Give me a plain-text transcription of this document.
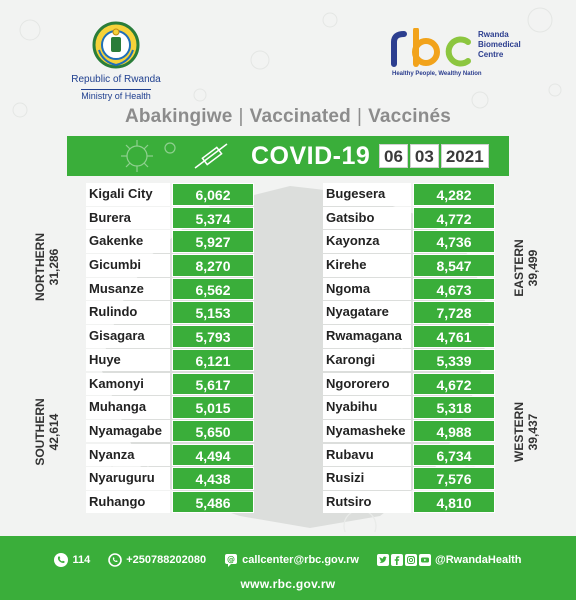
Republic of Rwanda
Ministry of Health
Rwanda
Biomedical
Centre
Healthy People, Wealthy Nation
Abakingiwe | Vaccinated | Vaccinés
COVID-19 06 03 2021
NORTHERN 31,286
SOUTHERN 42,614
EASTERN 39,499
WESTERN 39,437
Kigali City	6,062
Burera	5,374
Gakenke	5,927
Gicumbi	8,270
Musanze	6,562
Rulindo	5,153
Gisagara	5,793
Huye	6,121
Kamonyi	5,617
Muhanga	5,015
Nyamagabe	5,650
Nyanza	4,494
Nyaruguru	4,438
Ruhango	5,486
Bugesera	4,282
Gatsibo	4,772
Kayonza	4,736
Kirehe	8,547
Ngoma	4,673
Nyagatare	7,728
Rwamagana	4,761
Karongi	5,339
Ngororero	4,672
Nyabihu	5,318
Nyamasheke	4,988
Rubavu	6,734
Rusizi	7,576
Rutsiro	4,810
114	+250788202080	@ callcenter@rbc.gov.rw	@RwandaHealth
www.rbc.gov.rw
